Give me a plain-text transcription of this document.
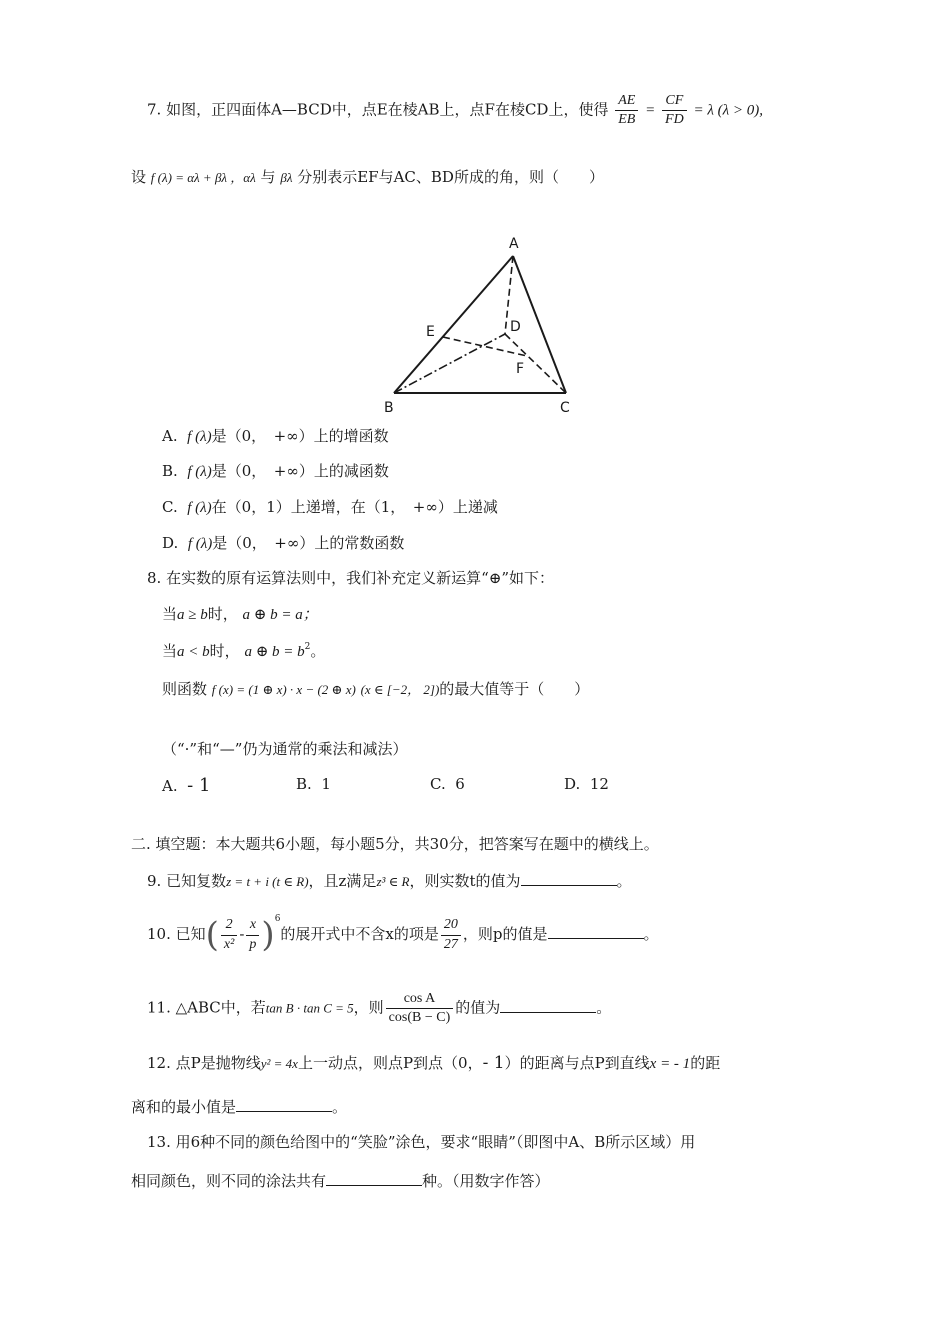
7. 如图，正四面体A—BCD中，点E在棱AB上，点F在棱CD上，使得 $\frac{AE}{EB} = \frac{CF}{FD} = \lambda$ (λ > 0),
设 f (λ) = αλ + βλ ，αλ 与 βλ 分别表示EF与AC、BD所成的角，则（　　）
A
B	C
D
E
F
A. f (λ)是（0，　+∞）上的增函数
B. f (λ)是（0，　+∞）上的减函数
C. f (λ)在（0，1）上递增，在（1，　+∞）上递减
D. f (λ)是（0，　+∞）上的常数函数
8. 在实数的原有运算法则中，我们补充定义新运算“⊕”如下：
当a ≥ b时， a ⊕ b = a；
当a < b时， a ⊕ $b = b^2$。
则函数 f (x) = (1 ⊕ x) · x − (2 ⊕ x) (x ∈ [−2， 2])的最大值等于（　　）
（“·”和“—”仍为通常的乘法和减法）
A. - 1	B. 1	C. 6	D. 12
二. 填空题：本大题共6小题，每小题5分，共30分，把答案写在题中的横线上。
9. 已知复数z = t + i (t ∈ R)，且z满足z³ ∈ R，则实数t的值为	。
10. 已知( $\frac{2}{\text{x²}} - \frac{x}{p} )^6$的展开式中不含x的项是 $\frac{20}{27}$ ，则p的值是	。
11. △ABC中，若tan B · tan C = 5，则 $\frac{\text{cos A}}{\cos(B - C)}$ 的值为	。
12. 点P是抛物线y² = 4x上一动点，则点P到点（0，- 1）的距离与点P到直线x = - 1的距
离和的最小值是	。
13. 用6种不同的颜色给图中的“笑脸”涂色，要求“眼睛”（即图中A、B所示区域）用
相同颜色，则不同的涂法共有	种。（用数字作答）
